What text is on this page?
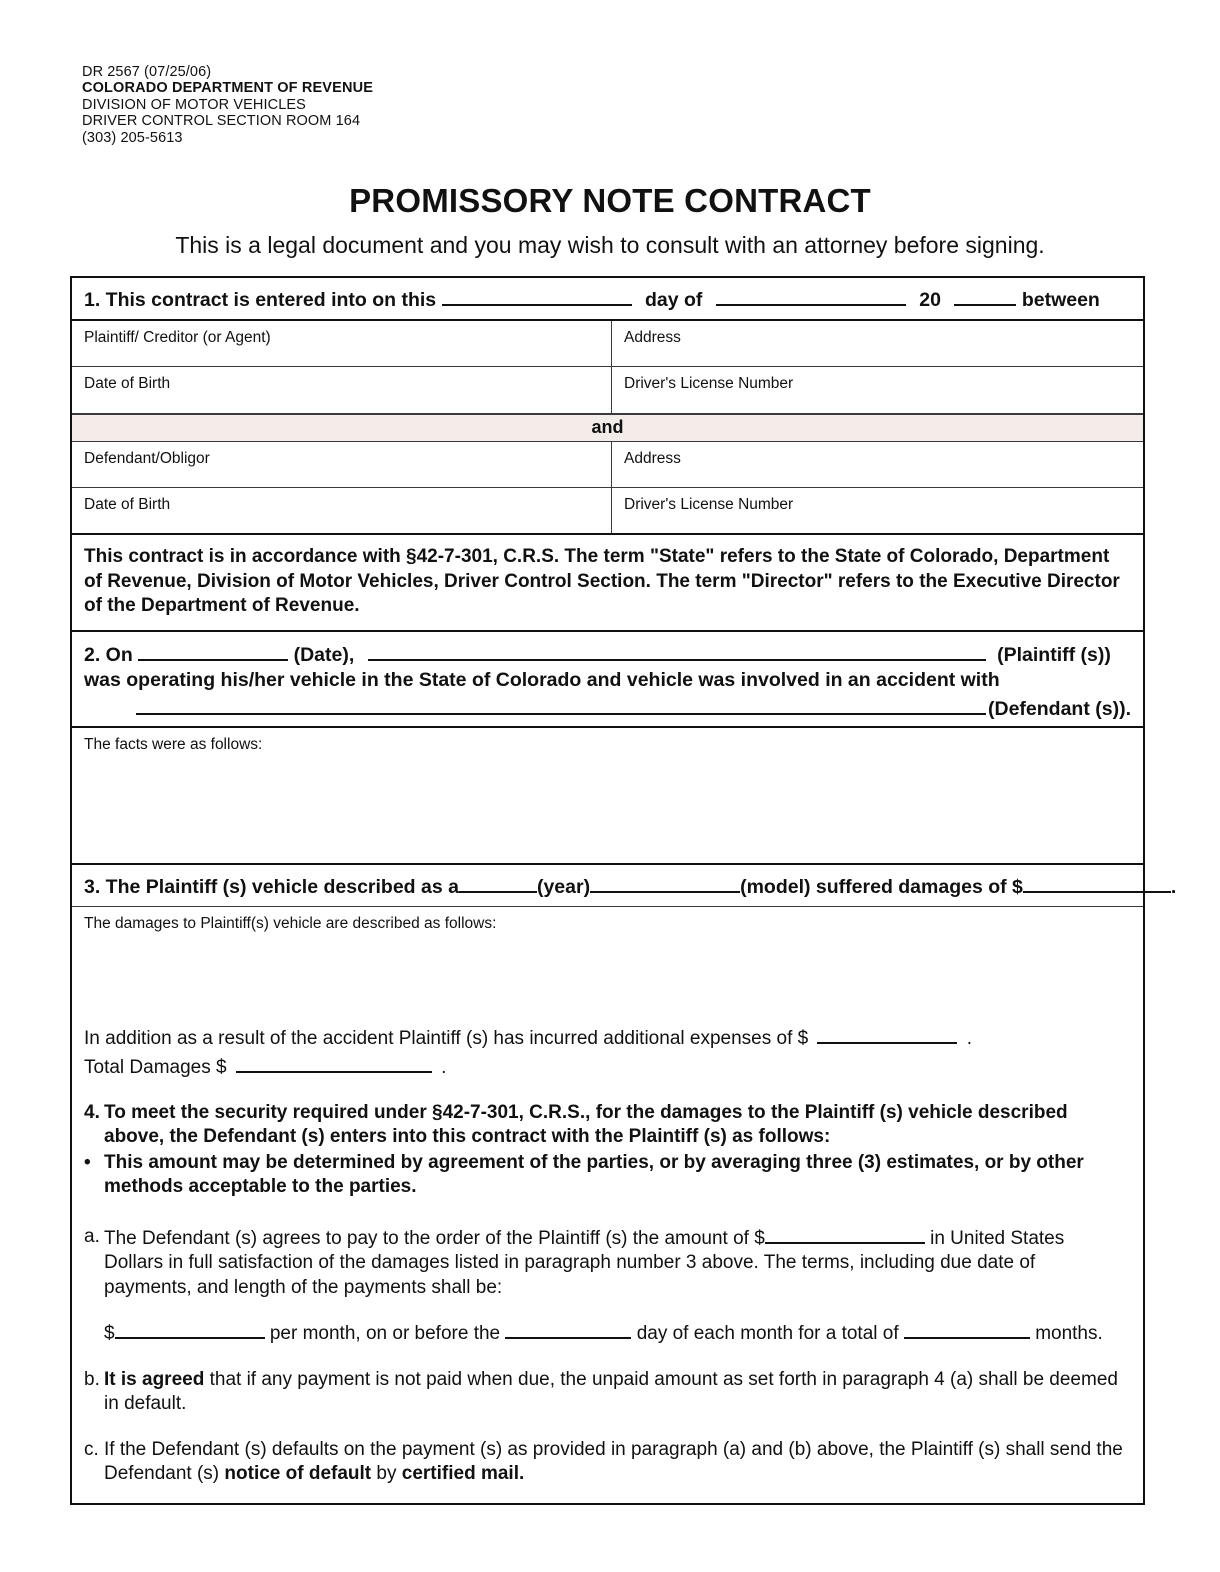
DR 2567 (07/25/06)
COLORADO DEPARTMENT OF REVENUE
DIVISION OF MOTOR VEHICLES
DRIVER CONTROL SECTION ROOM 164
(303) 205-5613
PROMISSORY NOTE CONTRACT
This is a legal document and you may wish to consult with an attorney before signing.
1. This contract is entered into on this	day of	20	between
Plaintiff/ Creditor (or Agent)	Address
Date of Birth	Driver's License Number
and
Defendant/Obligor	Address
Date of Birth	Driver's License Number
This contract is in accordance with §42-7-301, C.R.S. The term "State" refers to the State of Colorado, Department of Revenue, Division of Motor Vehicles, Driver Control Section. The term "Director" refers to the Executive Director of the Department of Revenue.
2. On	(Date),	(Plaintiff (s))
was operating his/her vehicle in the State of Colorado and vehicle was involved in an accident with
(Defendant (s)).
The facts were as follows:
3. The Plaintiff (s) vehicle described as a	(year)	(model) suffered damages of $	.
The damages to Plaintiff(s) vehicle are described as follows:
In addition as a result of the accident Plaintiff (s) has incurred additional expenses of $	.
Total Damages $	.
4. To meet the security required under §42-7-301, C.R.S., for the damages to the Plaintiff (s) vehicle described above, the Defendant (s) enters into this contract with the Plaintiff (s) as follows:
• This amount may be determined by agreement of the parties, or by averaging three (3) estimates, or by other methods acceptable to the parties.
a. The Defendant (s) agrees to pay to the order of the Plaintiff (s) the amount of $	in United States Dollars in full satisfaction of the damages listed in paragraph number 3 above. The terms, including due date of payments, and length of the payments shall be:
$	per month, on or before the	day of each month for a total of	months.
b. It is agreed that if any payment is not paid when due, the unpaid amount as set forth in paragraph 4 (a) shall be deemed in default.
c. If the Defendant (s) defaults on the payment (s) as provided in paragraph (a) and (b) above, the Plaintiff (s) shall send the Defendant (s) notice of default by certified mail.
